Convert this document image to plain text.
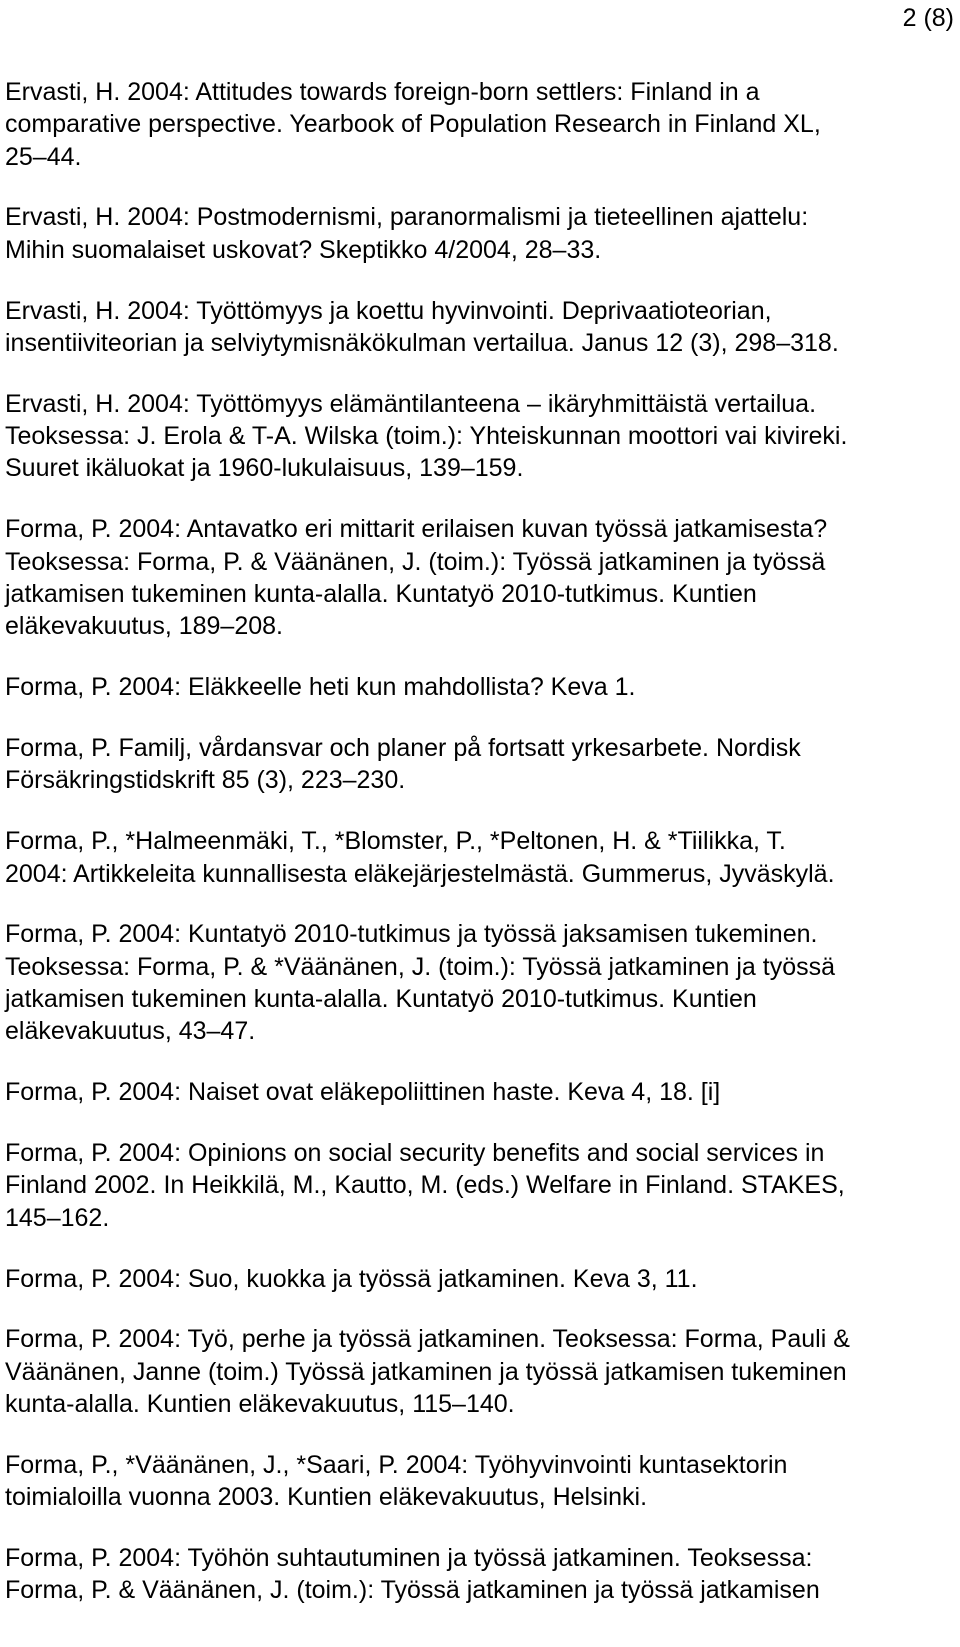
2 (8)
Ervasti, H. 2004: Attitudes towards foreign-born settlers: Finland in a
comparative perspective. Yearbook of Population Research in Finland XL,
25–44.
Ervasti, H. 2004: Postmodernismi, paranormalismi ja tieteellinen ajattelu:
Mihin suomalaiset uskovat? Skeptikko 4/2004, 28–33.
Ervasti, H. 2004: Työttömyys ja koettu hyvinvointi. Deprivaatioteorian,
insentiiviteorian ja selviytymisnäkökulman vertailua. Janus 12 (3), 298–318.
Ervasti, H. 2004: Työttömyys elämäntilanteena – ikäryhmittäistä vertailua.
Teoksessa: J. Erola & T-A. Wilska (toim.): Yhteiskunnan moottori vai kivireki.
Suuret ikäluokat ja 1960-lukulaisuus, 139–159.
Forma, P. 2004: Antavatko eri mittarit erilaisen kuvan työssä jatkamisesta?
Teoksessa: Forma, P. & Väänänen, J. (toim.): Työssä jatkaminen ja työssä
jatkamisen tukeminen kunta-alalla. Kuntatyö 2010-tutkimus. Kuntien
eläkevakuutus, 189–208.
Forma, P. 2004: Eläkkeelle heti kun mahdollista? Keva 1.
Forma, P. Familj, vårdansvar och planer på fortsatt yrkesarbete. Nordisk
Försäkringstidskrift 85 (3), 223–230.
Forma, P., *Halmeenmäki, T., *Blomster, P., *Peltonen, H. & *Tiilikka, T.
2004: Artikkeleita kunnallisesta eläkejärjestelmästä. Gummerus, Jyväskylä.
Forma, P. 2004: Kuntatyö 2010-tutkimus ja työssä jaksamisen tukeminen.
Teoksessa: Forma, P. & *Väänänen, J. (toim.): Työssä jatkaminen ja työssä
jatkamisen tukeminen kunta-alalla. Kuntatyö 2010-tutkimus. Kuntien
eläkevakuutus, 43–47.
Forma, P. 2004: Naiset ovat eläkepoliittinen haste. Keva 4, 18. [i]
Forma, P. 2004: Opinions on social security benefits and social services in
Finland 2002. In Heikkilä, M., Kautto, M. (eds.) Welfare in Finland. STAKES,
145–162.
Forma, P. 2004: Suo, kuokka ja työssä jatkaminen. Keva 3, 11.
Forma, P. 2004: Työ, perhe ja työssä jatkaminen. Teoksessa: Forma, Pauli &
Väänänen, Janne (toim.) Työssä jatkaminen ja työssä jatkamisen tukeminen
kunta-alalla. Kuntien eläkevakuutus, 115–140.
Forma, P., *Väänänen, J., *Saari, P. 2004: Työhyvinvointi kuntasektorin
toimialoilla vuonna 2003. Kuntien eläkevakuutus, Helsinki.
Forma, P. 2004: Työhön suhtautuminen ja työssä jatkaminen. Teoksessa:
Forma, P. & Väänänen, J. (toim.): Työssä jatkaminen ja työssä jatkamisen
